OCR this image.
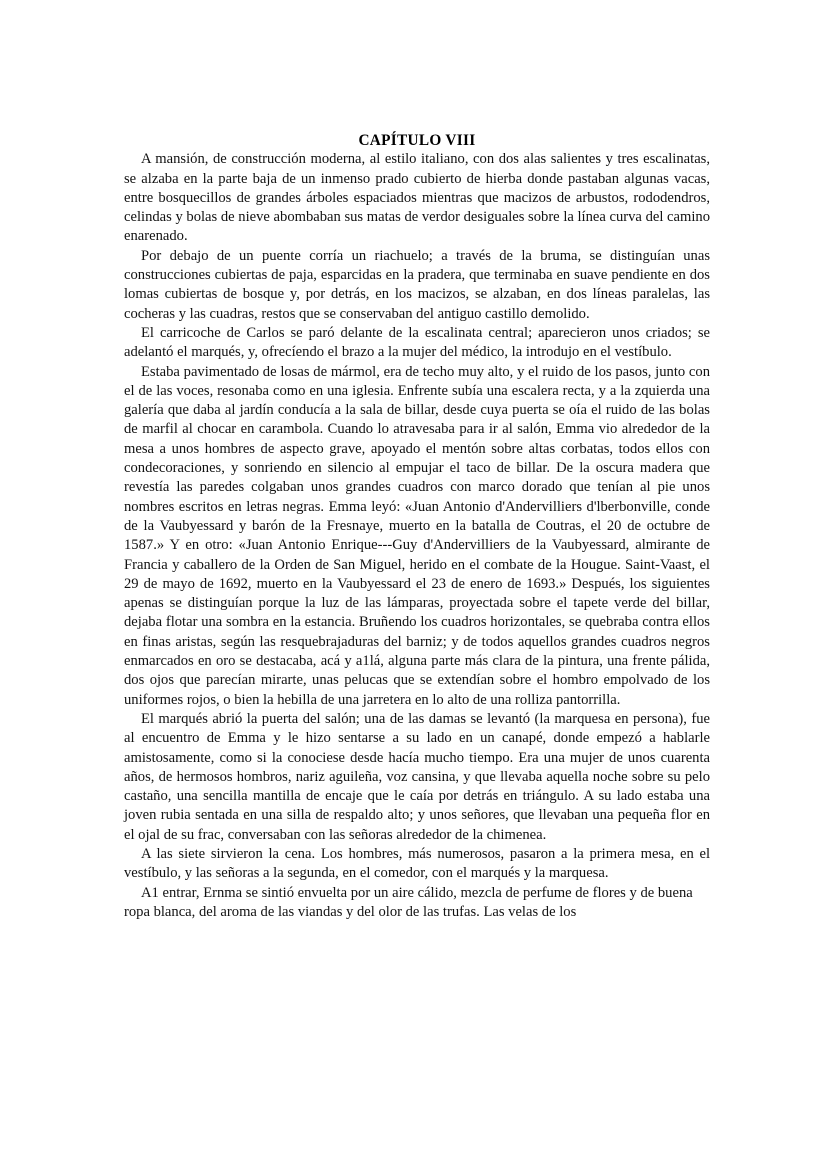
CAPÍTULO VIII

A mansión, de construcción moderna, al estilo italiano, con dos alas salientes y tres escalinatas, se alzaba en la parte baja de un inmenso prado cubierto de hierba donde pastaban algunas vacas, entre bosquecillos de grandes árboles espaciados mientras que macizos de arbustos, rododendros, celindas y bolas de nieve abombaban sus matas de verdor desiguales sobre la línea curva del camino enarenado.

Por debajo de un puente corría un riachuelo; a través de la bruma, se distinguían unas construcciones cubiertas de paja, esparcidas en la pradera, que terminaba en suave pendiente en dos lomas cubiertas de bosque y, por detrás, en los macizos, se alzaban, en dos líneas paralelas, las cocheras y las cuadras, restos que se conservaban del antiguo castillo demolido.

El carricoche de Carlos se paró delante de la escalinata central; aparecieron unos criados; se adelantó el marqués, y, ofrecíendo el brazo a la mujer del médico, la introdujo en el vestíbulo.

Estaba pavimentado de losas de mármol, era de techo muy alto, y el ruido de los pasos, junto con el de las voces, resonaba como en una iglesia. Enfrente subía una escalera recta, y a la zquierda una galería que daba al jardín conducía a la sala de billar, desde cuya puerta se oía el ruido de las bolas de marfil al chocar en carambola. Cuando lo atravesaba para ir al salón, Emma vio alrededor de la mesa a unos hombres de aspecto grave, apoyado el mentón sobre altas corbatas, todos ellos con condecoraciones, y sonriendo en silencio al empujar el taco de billar. De la oscura madera que revestía las paredes colgaban unos grandes cuadros con marco dorado que tenían al pie unos nombres escritos en letras negras. Emma leyó: «Juan Antonio d'Andervilliers d'lberbonville, conde de la Vaubyessard y barón de la Fresnaye, muerto en la batalla de Coutras, el 20 de octubre de 1587.» Y en otro: «Juan Antonio Enrique---Guy d'Andervilliers de la Vaubyessard, almirante de Francia y caballero de la Orden de San Miguel, herido en el combate de la Hougue. Saint-Vaast, el 29 de mayo de 1692, muerto en la Vaubyessard el 23 de enero de 1693.» Después, los siguientes apenas se distinguían porque la luz de las lámparas, proyectada sobre el tapete verde del billar, dejaba flotar una sombra en la estancia. Bruñendo los cuadros horizontales, se quebraba contra ellos en finas aristas, según las resquebrajaduras del barniz; y de todos aquellos grandes cuadros negros enmarcados en oro se destacaba, acá y a1lá, alguna parte más clara de la pintura, una frente pálida, dos ojos que parecían mirarte, unas pelucas que se extendían sobre el hombro empolvado de los uniformes rojos, o bien la hebilla de una jarretera en lo alto de una rolliza pantorrilla.

El marqués abrió la puerta del salón; una de las damas se levantó (la marquesa en persona), fue al encuentro de Emma y le hizo sentarse a su lado en un canapé, donde empezó a hablarle amistosamente, como si la conociese desde hacía mucho tiempo. Era una mujer de unos cuarenta años, de hermosos hombros, nariz aguileña, voz cansina, y que llevaba aquella noche sobre su pelo castaño, una sencilla mantilla de encaje que le caía por detrás en triángulo. A su lado estaba una joven rubia sentada en una silla de respaldo alto; y unos señores, que llevaban una pequeña flor en el ojal de su frac, conversaban con las señoras alrededor de la chimenea.

A las siete sirvieron la cena. Los hombres, más numerosos, pasaron a la primera mesa, en el vestíbulo, y las señoras a la segunda, en el comedor, con el marqués y la marquesa.

A1 entrar, Ernma se sintió envuelta por un aire cálido, mezcla de perfume de flores y de buena ropa blanca, del aroma de las viandas y del olor de las trufas. Las velas de los
